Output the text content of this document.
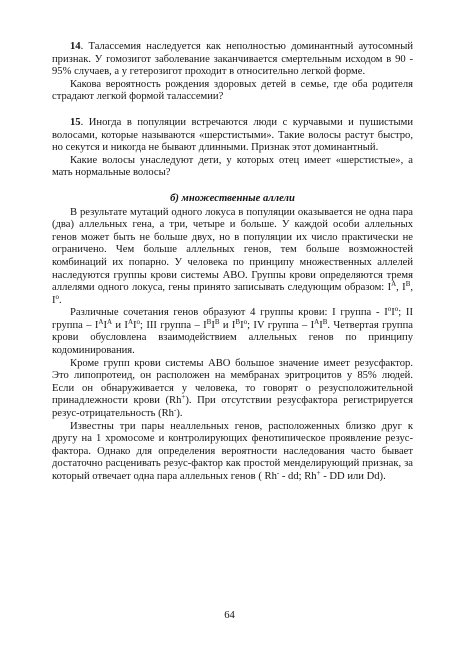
14. Талассемия наследуется как неполностью доминантный аутосомный признак. У гомозигот заболевание заканчивается смертельным исходом в 90 - 95% случаев, а у гетерозигот проходит в относительно легкой форме.

Какова вероятность рождения здоровых детей в семье, где оба родителя страдают легкой формой талассемии?

15. Иногда в популяции встречаются люди с курчавыми и пушистыми волосами, которые называются «шерстистыми». Такие волосы растут быстро, но секутся и никогда не бывают длинными. Признак этот доминантный.

Какие волосы унаследуют дети, у которых отец имеет «шерстистые», а мать нормальные волосы?

б) множественные аллели

В результате мутаций одного локуса в популяции оказывается не одна пара (два) аллельных гена, а три, четыре и больше. У каждой особи аллельных генов может быть не больше двух, но в популяции их число практически не ограничено. Чем больше аллельных генов, тем больше возможностей комбинаций их попарно. У человека по принципу множественных аллелей наследуются группы крови системы АВО. Группы крови определяются тремя аллелями одного локуса, гены принято записывать следующим образом: $I^A$, $I^B$, $I^o$.

Различные сочетания генов образуют 4 группы крови: I группа - $I^oI^o$; II группа – $I^AI^A$ и $I^AI^o$; III группа – $I^BI^B$ и $I^BI^o$; IV группа – $I^AI^B$. Четвертая группа крови обусловлена взаимодействием аллельных генов по принципу кодоминирования.

Кроме групп крови системы АВО большое значение имеет резусфактор. Это липопротеид, он расположен на мембранах эритроцитов у 85% людей. Если он обнаруживается у человека, то говорят о резусположительной принадлежности крови (Rh+). При отсутствии резусфактора регистрируется резус-отрицательность (Rh-).

Известны три пары неаллельных генов, расположенных близко друг к другу на 1 хромосоме и контролирующих фенотипическое проявление резус-фактора. Однако для определения вероятности наследования часто бывает достаточно расценивать резус-фактор как простой менделирующий признак, за который отвечает одна пара аллельных генов ( Rh- - dd; Rh+ - DD или Dd).

64
